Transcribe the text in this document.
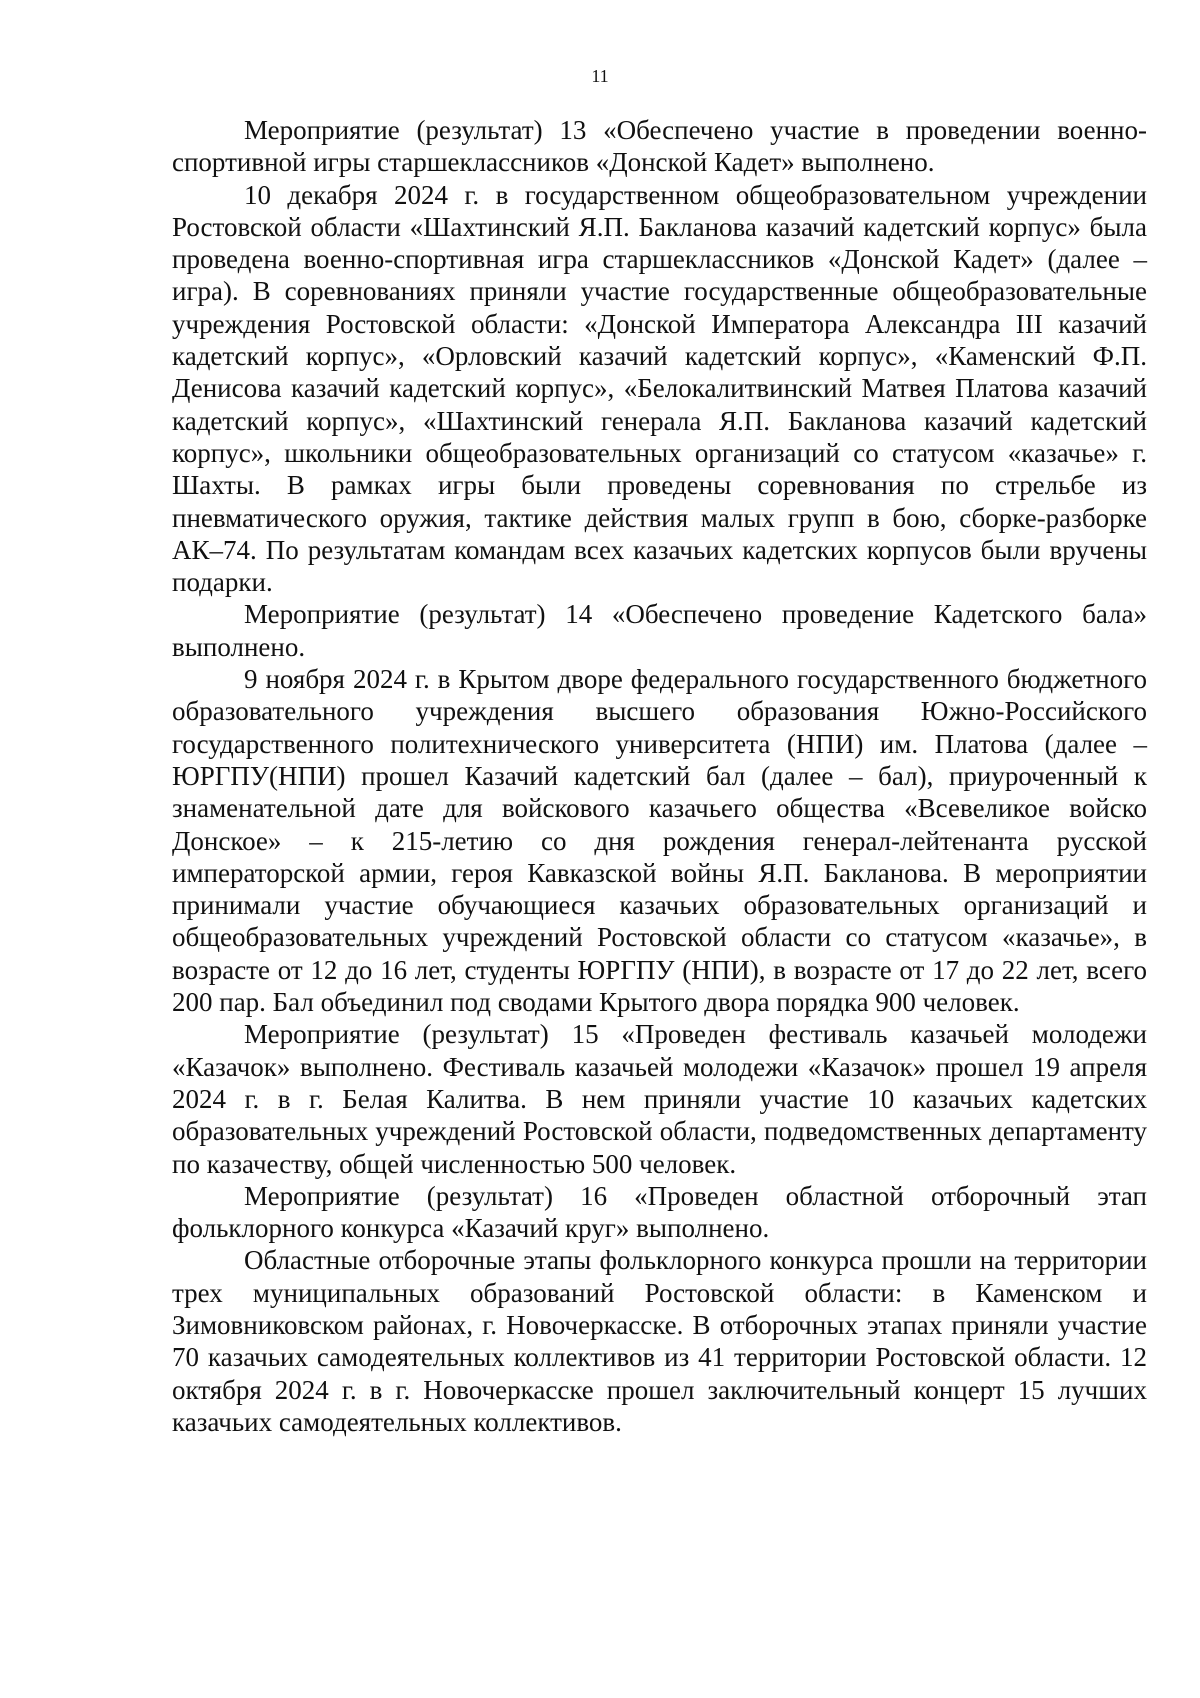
11

Мероприятие (результат) 13 «Обеспечено участие в проведении военно-спортивной игры старшеклассников «Донской Кадет» выполнено.

10 декабря 2024 г. в государственном общеобразовательном учреждении Ростовской области «Шахтинский Я.П. Бакланова казачий кадетский корпус» была проведена военно-спортивная игра старшеклассников «Донской Кадет» (далее – игра). В соревнованиях приняли участие государственные общеобразовательные учреждения Ростовской области: «Донской Императора Александра III казачий кадетский корпус», «Орловский казачий кадетский корпус», «Каменский Ф.П. Денисова казачий кадетский корпус», «Белокалитвинский Матвея Платова казачий кадетский корпус», «Шахтинский генерала Я.П. Бакланова казачий кадетский корпус», школьники общеобразовательных организаций со статусом «казачье» г. Шахты. В рамках игры были проведены соревнования по стрельбе из пневматического оружия, тактике действия малых групп в бою, сборке-разборке АК–74. По результатам командам всех казачьих кадетских корпусов были вручены подарки.

Мероприятие (результат) 14 «Обеспечено проведение Кадетского бала» выполнено.

9 ноября 2024 г. в Крытом дворе федерального государственного бюджетного образовательного учреждения высшего образования Южно-Российского государственного политехнического университета (НПИ) им. Платова (далее – ЮРГПУ(НПИ) прошел Казачий кадетский бал (далее – бал), приуроченный к знаменательной дате для войскового казачьего общества «Всевеликое войско Донское» – к 215-летию со дня рождения генерал-лейтенанта русской императорской армии, героя Кавказской войны Я.П. Бакланова. В мероприятии принимали участие обучающиеся казачьих образовательных организаций и общеобразовательных учреждений Ростовской области со статусом «казачье», в возрасте от 12 до 16 лет, студенты ЮРГПУ (НПИ), в возрасте от 17 до 22 лет, всего 200 пар. Бал объединил под сводами Крытого двора порядка 900 человек.

Мероприятие (результат) 15 «Проведен фестиваль казачьей молодежи «Казачок» выполнено. Фестиваль казачьей молодежи «Казачок» прошел 19 апреля 2024 г. в г. Белая Калитва. В нем приняли участие 10 казачьих кадетских образовательных учреждений Ростовской области, подведомственных департаменту по казачеству, общей численностью 500 человек.

Мероприятие (результат) 16 «Проведен областной отборочный этап фольклорного конкурса «Казачий круг» выполнено.

Областные отборочные этапы фольклорного конкурса прошли на территории трех муниципальных образований Ростовской области: в Каменском и Зимовниковском районах, г. Новочеркасске. В отборочных этапах приняли участие 70 казачьих самодеятельных коллективов из 41 территории Ростовской области. 12 октября 2024 г. в г. Новочеркасске прошел заключительный концерт 15 лучших казачьих самодеятельных коллективов.
